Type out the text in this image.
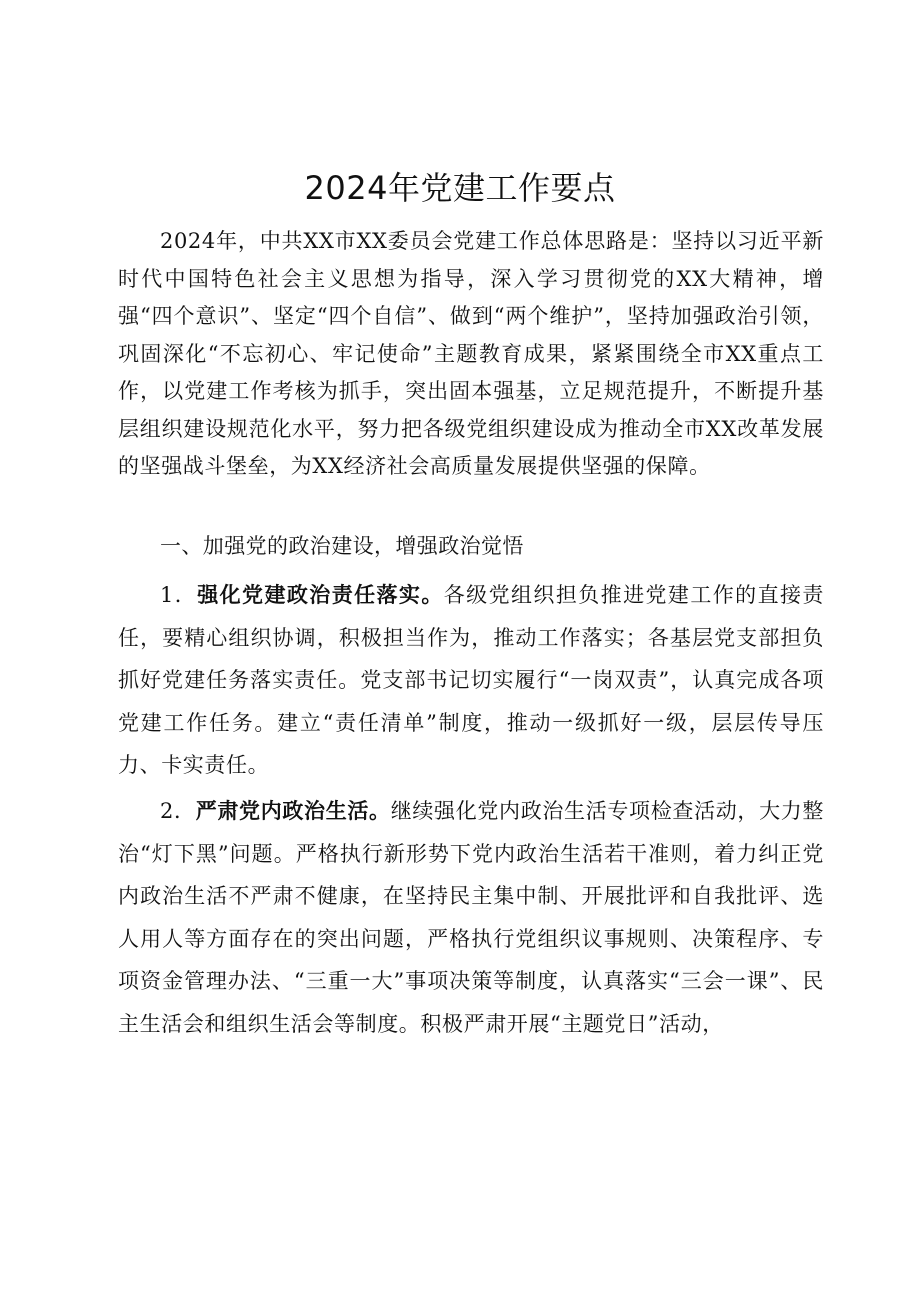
2024年党建工作要点

2024年，中共XX市XX委员会党建工作总体思路是：坚持以习近平新时代中国特色社会主义思想为指导，深入学习贯彻党的XX大精神，增强“四个意识”、坚定“四个自信”、做到“两个维护”，坚持加强政治引领，巩固深化“不忘初心、牢记使命”主题教育成果，紧紧围绕全市XX重点工作，以党建工作考核为抓手，突出固本强基，立足规范提升，不断提升基层组织建设规范化水平，努力把各级党组织建设成为推动全市XX改革发展的坚强战斗堡垒，为XX经济社会高质量发展提供坚强的保障。

一、加强党的政治建设，增强政治觉悟

1．强化党建政治责任落实。各级党组织担负推进党建工作的直接责任，要精心组织协调，积极担当作为，推动工作落实；各基层党支部担负抓好党建任务落实责任。党支部书记切实履行“一岗双责”，认真完成各项党建工作任务。建立“责任清单”制度，推动一级抓好一级，层层传导压力、卡实责任。

2．严肃党内政治生活。继续强化党内政治生活专项检查活动，大力整治“灯下黑”问题。严格执行新形势下党内政治生活若干准则，着力纠正党内政治生活不严肃不健康，在坚持民主集中制、开展批评和自我批评、选人用人等方面存在的突出问题，严格执行党组织议事规则、决策程序、专项资金管理办法、“三重一大”事项决策等制度，认真落实“三会一课”、民主生活会和组织生活会等制度。积极严肃开展“主题党日”活动，
